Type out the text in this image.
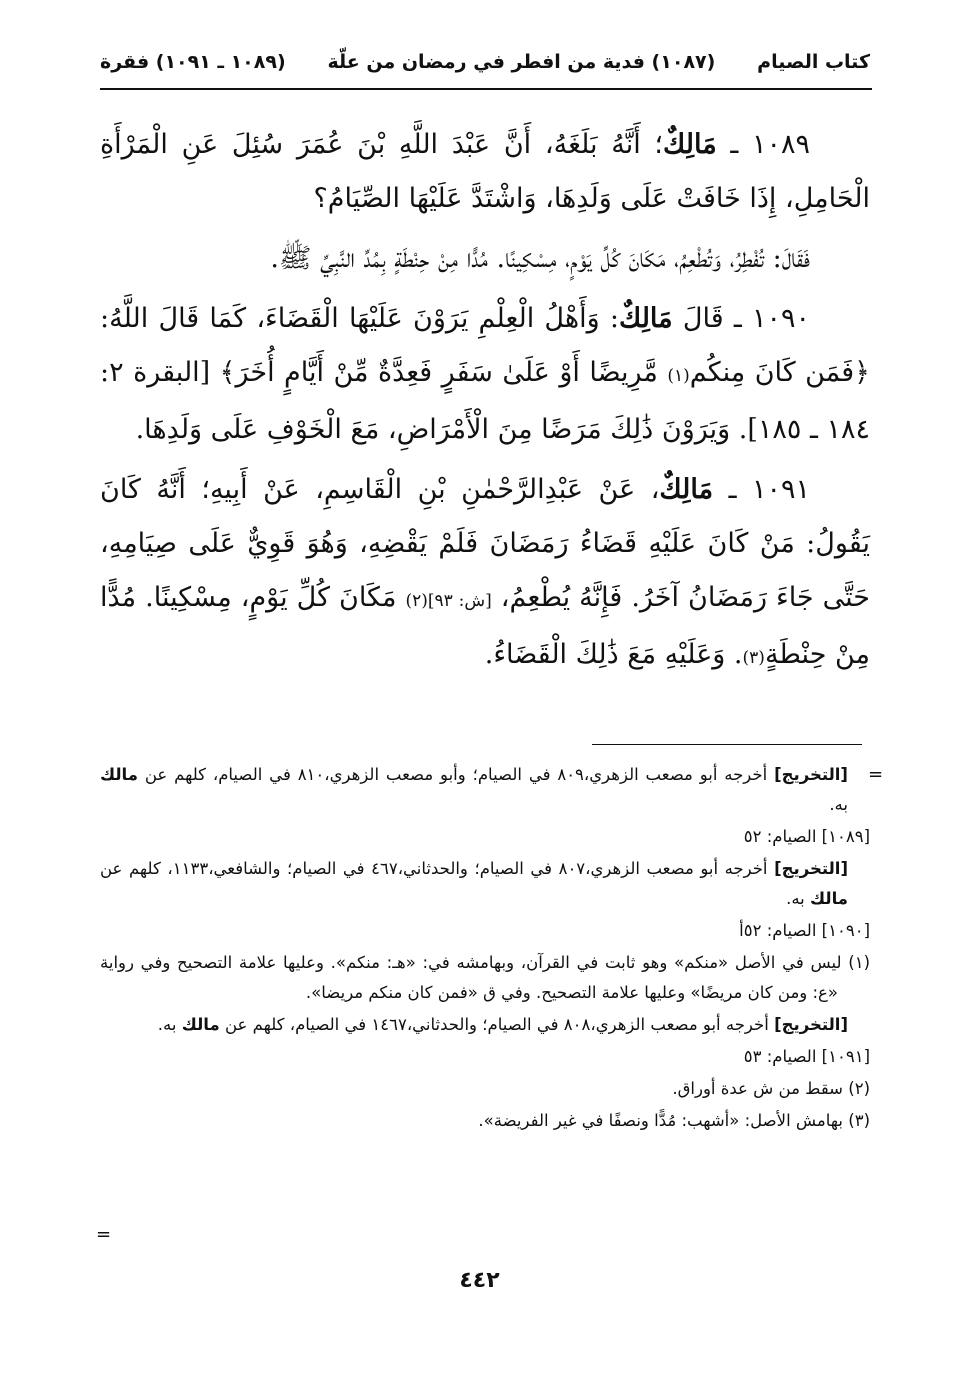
كتاب الصيام
(١٠٨٧) فدية من افطر في رمضان من علّة
(١٠٨٩ ـ ١٠٩١) فقرة

١٠٨٩ ـ مَالِكٌ؛ أَنَّهُ بَلَغَهُ، أَنَّ عَبْدَ اللَّهِ بْنَ عُمَرَ سُئِلَ عَنِ الْمَرْأَةِ الْحَامِلِ، إِذَا خَافَتْ عَلَى وَلَدِهَا، وَاشْتَدَّ عَلَيْهَا الصِّيَامُ؟

فَقَالَ: تُفْطِرُ، وَتُطْعِمُ، مَكَانَ كُلِّ يَوْمٍ، مِسْكِينًا. مُدًّا مِنْ حِنْطَةٍ بِمُدِّ النَّبِيِّ ﷺ.

١٠٩٠ ـ قَالَ مَالِكٌ: وَأَهْلُ الْعِلْمِ يَرَوْنَ عَلَيْهَا الْقَضَاءَ، كَمَا قَالَ اللَّهُ: ﴿فَمَن كَانَ مِنكُم(١) مَّرِيضًا أَوْ عَلَىٰ سَفَرٍ فَعِدَّةٌ مِّنْ أَيَّامٍ أُخَرَ﴾ [البقرة ٢: ١٨٤ ـ ١٨٥]. وَيَرَوْنَ ذَٰلِكَ مَرَضًا مِنَ الْأَمْرَاضِ، مَعَ الْخَوْفِ عَلَى وَلَدِهَا.

١٠٩١ ـ مَالِكٌ، عَنْ عَبْدِالرَّحْمٰنِ بْنِ الْقَاسِمِ، عَنْ أَبِيهِ؛ أَنَّهُ كَانَ يَقُولُ: مَنْ كَانَ عَلَيْهِ قَضَاءُ رَمَضَانَ فَلَمْ يَقْضِهِ، وَهُوَ قَوِيٌّ عَلَى صِيَامِهِ، حَتَّى جَاءَ رَمَضَانُ آخَرُ. فَإِنَّهُ يُطْعِمُ، [ش: ٩٣](٢) مَكَانَ كُلِّ يَوْمٍ، مِسْكِينًا. مُدًّا مِنْ حِنْطَةٍ(٣). وَعَلَيْهِ مَعَ ذَٰلِكَ الْقَضَاءُ.

=
[التخريج] أخرجه أبو مصعب الزهري،٨٠٩ في الصيام؛ وأبو مصعب الزهري،٨١٠ في الصيام، كلهم عن مالك به.
[١٠٨٩] الصيام: ٥٢
[التخريج] أخرجه أبو مصعب الزهري،٨٠٧ في الصيام؛ والحدثاني،٤٦٧ في الصيام؛ والشافعي،١١٣٣، كلهم عن مالك به.
[١٠٩٠] الصيام: ٥٢أ
(١) ليس في الأصل «منكم» وهو ثابت في القرآن، وبهامشه في: «هـ: منكم». وعليها علامة التصحيح وفي رواية «ع: ومن كان مريضًا» وعليها علامة التصحيح. وفي ق «فمن كان منكم مريضا».
[التخريج] أخرجه أبو مصعب الزهري،٨٠٨ في الصيام؛ والحدثاني،١٤٦٧ في الصيام، كلهم عن مالك به.
[١٠٩١] الصيام: ٥٣
(٢) سقط من ش عدة أوراق.
(٣) بهامش الأصل: «أشهب: مُدًّا ونصفًا في غير الفريضة».
=
٤٤٢
